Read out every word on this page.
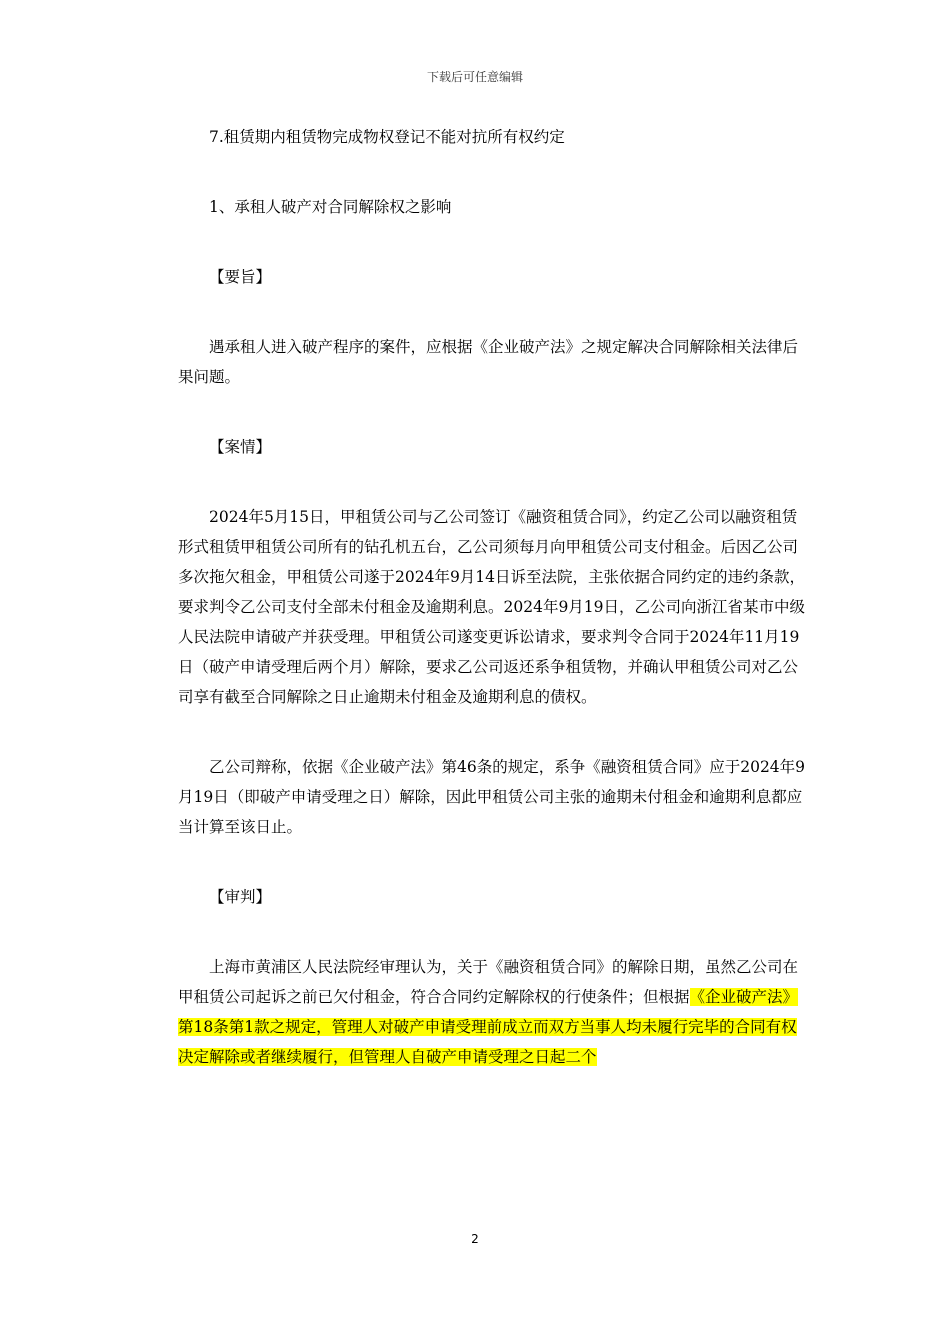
下载后可任意编辑

7.租赁期内租赁物完成物权登记不能对抗所有权约定

1、承租人破产对合同解除权之影响

【要旨】

遇承租人进入破产程序的案件，应根据《企业破产法》之规定解决合同解除相关法律后果问题。

【案情】

2024年5月15日，甲租赁公司与乙公司签订《融资租赁合同》，约定乙公司以融资租赁形式租赁甲租赁公司所有的钻孔机五台，乙公司须每月向甲租赁公司支付租金。后因乙公司多次拖欠租金，甲租赁公司遂于2024年9月14日诉至法院，主张依据合同约定的违约条款，要求判令乙公司支付全部未付租金及逾期利息。2024年9月19日，乙公司向浙江省某市中级人民法院申请破产并获受理。甲租赁公司遂变更诉讼请求，要求判令合同于2024年11月19日（破产申请受理后两个月）解除，要求乙公司返还系争租赁物，并确认甲租赁公司对乙公司享有截至合同解除之日止逾期未付租金及逾期利息的债权。

乙公司辩称，依据《企业破产法》第46条的规定，系争《融资租赁合同》应于2024年9月19日（即破产申请受理之日）解除，因此甲租赁公司主张的逾期未付租金和逾期利息都应当计算至该日止。

【审判】

上海市黄浦区人民法院经审理认为，关于《融资租赁合同》的解除日期，虽然乙公司在甲租赁公司起诉之前已欠付租金，符合合同约定解除权的行使条件；但根据《企业破产法》第18条第1款之规定，管理人对破产申请受理前成立而双方当事人均未履行完毕的合同有权决定解除或者继续履行，但管理人自破产申请受理之日起二个

2
